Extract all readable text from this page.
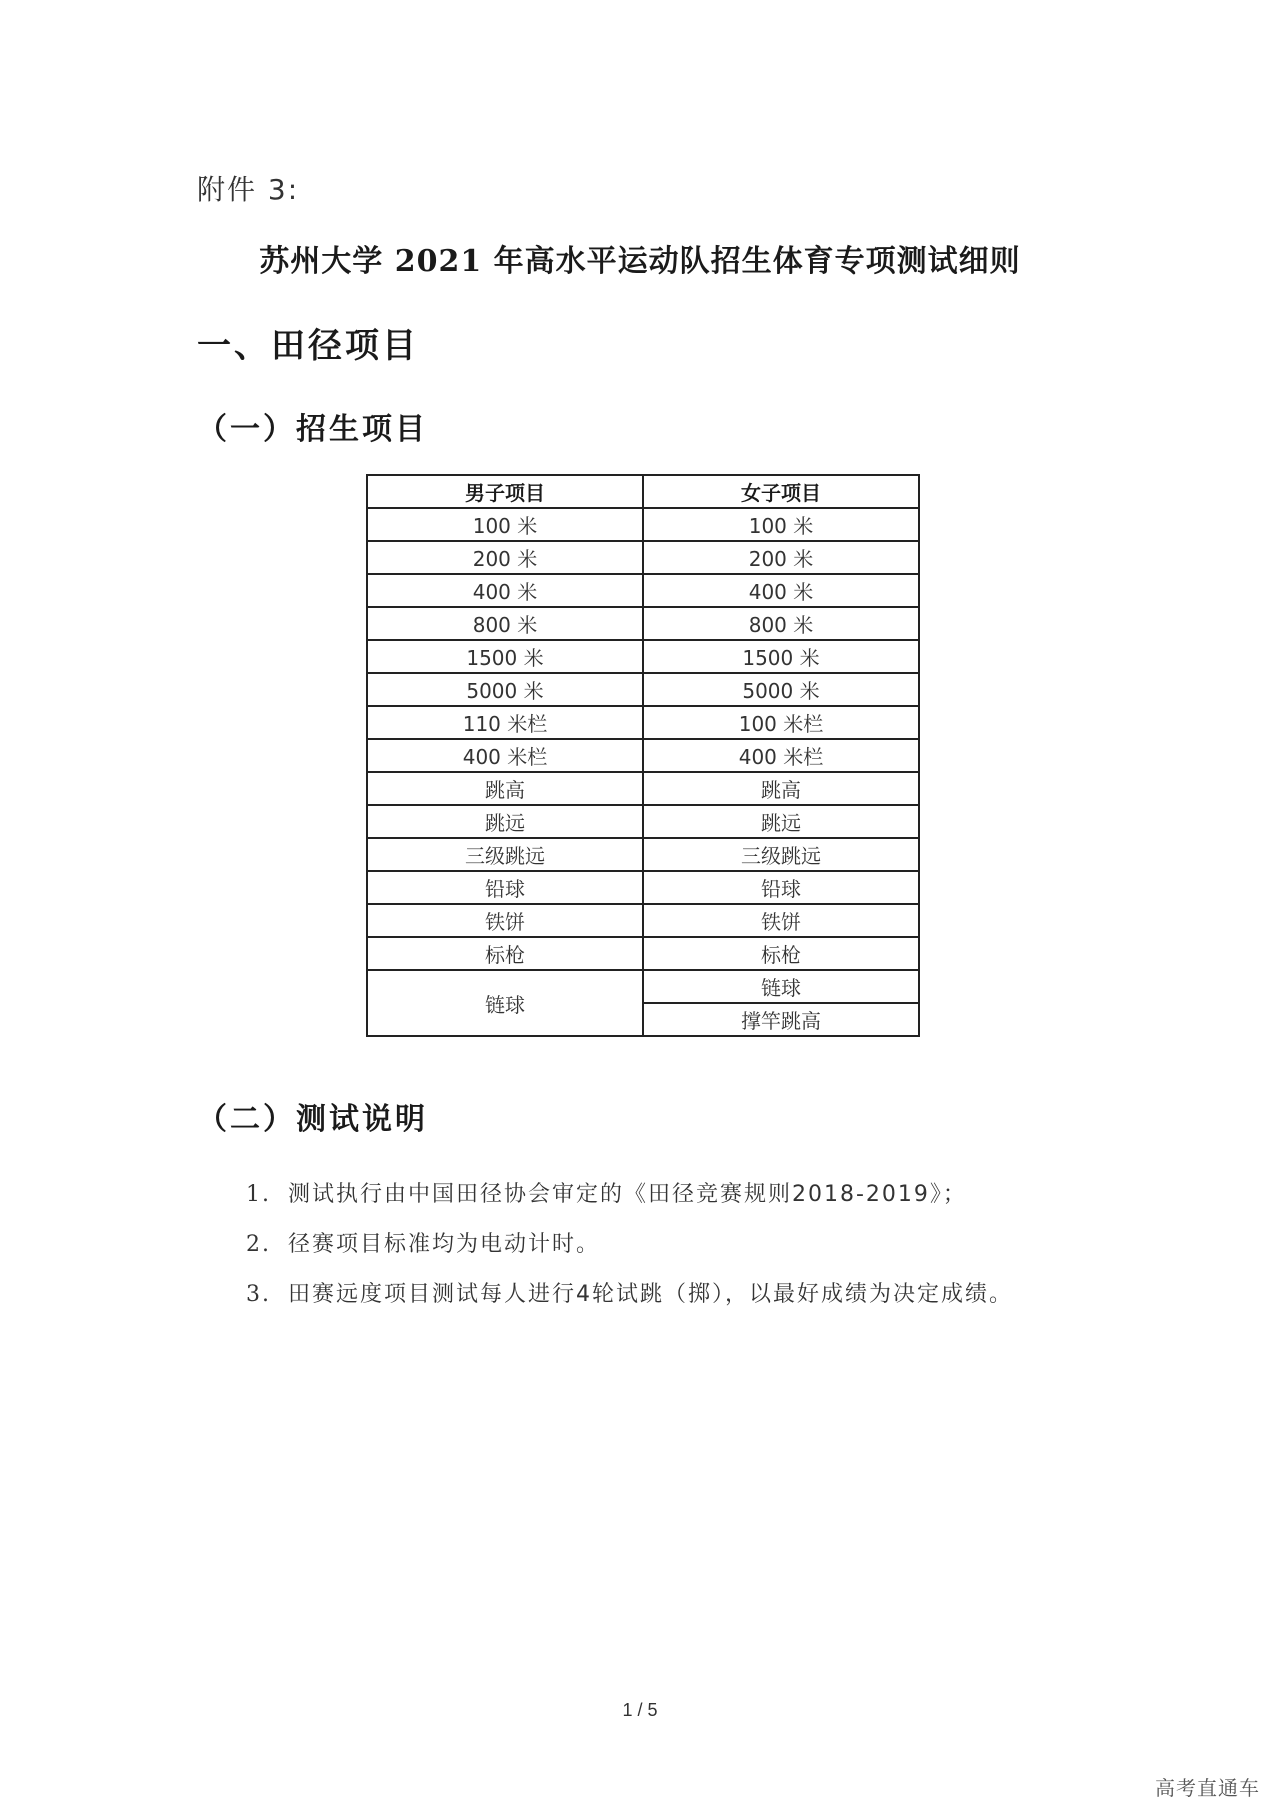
附件 3:
苏州大学 2021 年高水平运动队招生体育专项测试细则
一、田径项目
（一）招生项目
男子项目	女子项目
100 米	100 米
200 米	200 米
400 米	400 米
800 米	800 米
1500 米	1500 米
5000 米	5000 米
110 米栏	100 米栏
400 米栏	400 米栏
跳高	跳高
跳远	跳远
三级跳远	三级跳远
铅球	铅球
铁饼	铁饼
标枪	标枪
链球	链球
	撑竿跳高
（二）测试说明
1. 测试执行由中国田径协会审定的《田径竞赛规则2018-2019》；
2. 径赛项目标准均为电动计时。
3. 田赛远度项目测试每人进行4轮试跳（掷），以最好成绩为决定成绩。
1 / 5
高考直通车
